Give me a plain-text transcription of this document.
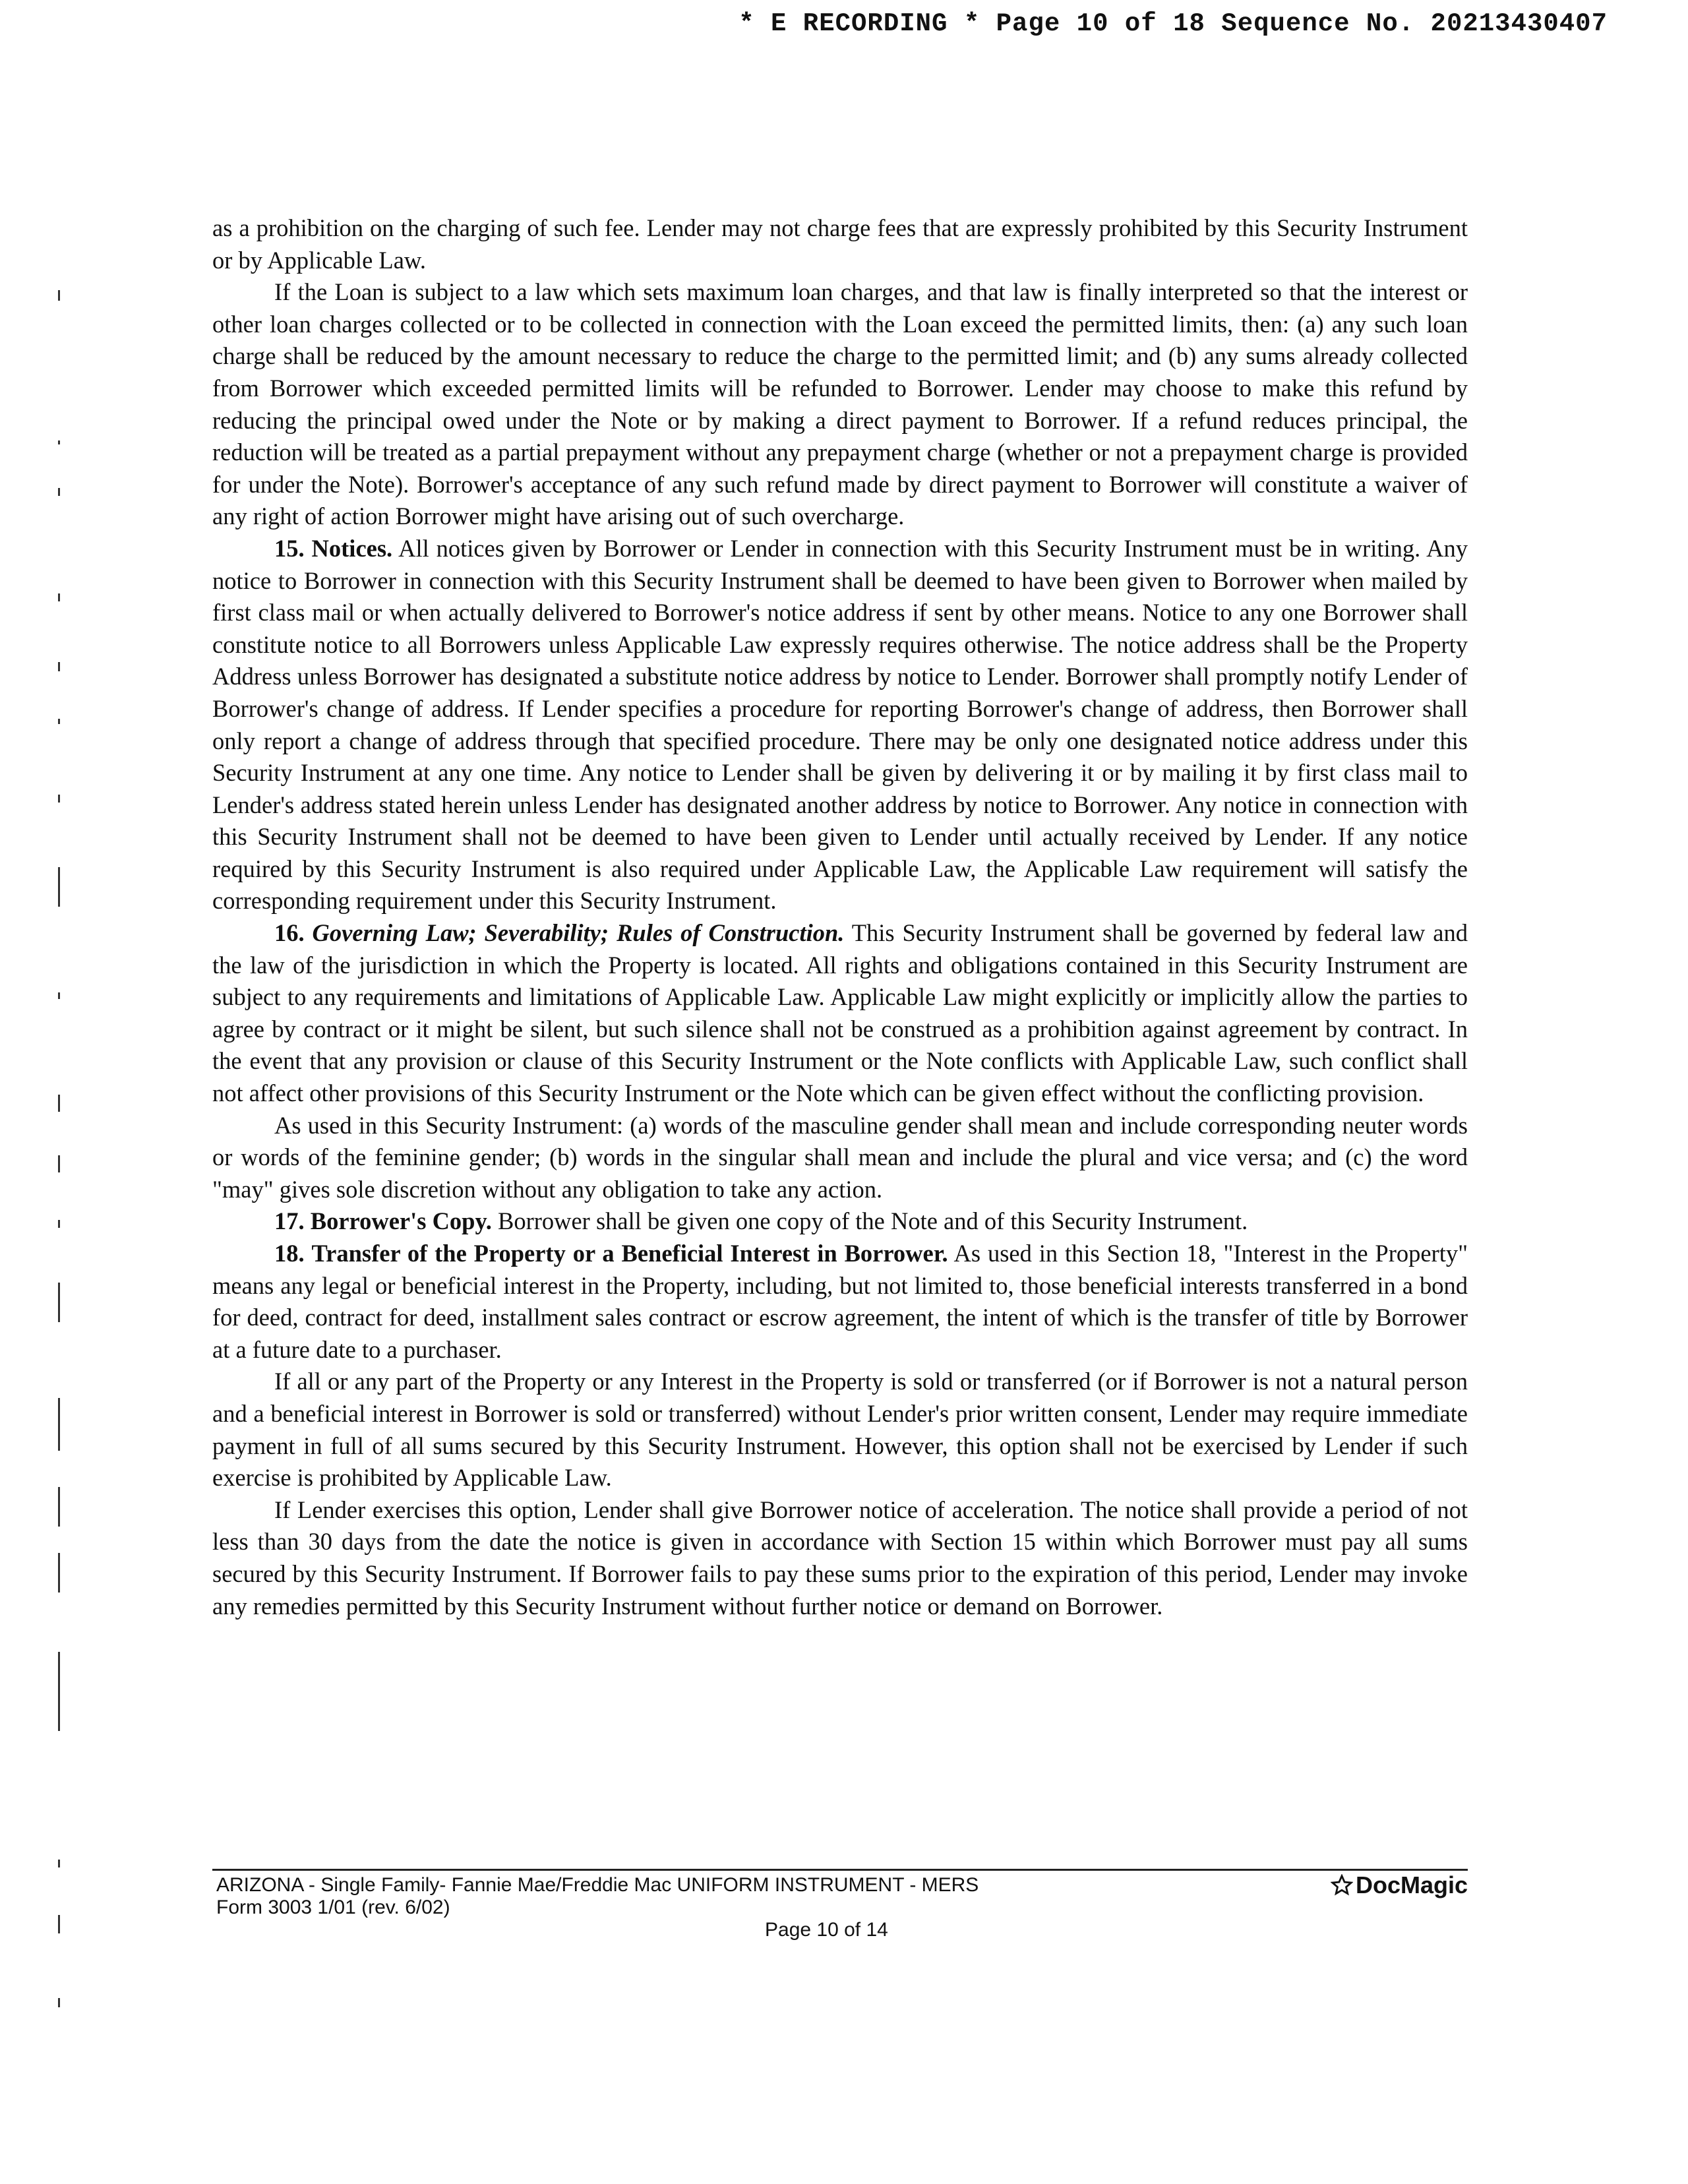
* E RECORDING * Page 10 of 18 Sequence No. 20213430407

as a prohibition on the charging of such fee. Lender may not charge fees that are expressly prohibited by this Security Instrument or by Applicable Law.

If the Loan is subject to a law which sets maximum loan charges, and that law is finally interpreted so that the interest or other loan charges collected or to be collected in connection with the Loan exceed the permitted limits, then: (a) any such loan charge shall be reduced by the amount necessary to reduce the charge to the permitted limit; and (b) any sums already collected from Borrower which exceeded permitted limits will be refunded to Borrower. Lender may choose to make this refund by reducing the principal owed under the Note or by making a direct payment to Borrower. If a refund reduces principal, the reduction will be treated as a partial prepayment without any prepayment charge (whether or not a prepayment charge is provided for under the Note). Borrower's acceptance of any such refund made by direct payment to Borrower will constitute a waiver of any right of action Borrower might have arising out of such overcharge.

15. Notices. All notices given by Borrower or Lender in connection with this Security Instrument must be in writing. Any notice to Borrower in connection with this Security Instrument shall be deemed to have been given to Borrower when mailed by first class mail or when actually delivered to Borrower's notice address if sent by other means. Notice to any one Borrower shall constitute notice to all Borrowers unless Applicable Law expressly requires otherwise. The notice address shall be the Property Address unless Borrower has designated a substitute notice address by notice to Lender. Borrower shall promptly notify Lender of Borrower's change of address. If Lender specifies a procedure for reporting Borrower's change of address, then Borrower shall only report a change of address through that specified procedure. There may be only one designated notice address under this Security Instrument at any one time. Any notice to Lender shall be given by delivering it or by mailing it by first class mail to Lender's address stated herein unless Lender has designated another address by notice to Borrower. Any notice in connection with this Security Instrument shall not be deemed to have been given to Lender until actually received by Lender. If any notice required by this Security Instrument is also required under Applicable Law, the Applicable Law requirement will satisfy the corresponding requirement under this Security Instrument.

16. Governing Law; Severability; Rules of Construction. This Security Instrument shall be governed by federal law and the law of the jurisdiction in which the Property is located. All rights and obligations contained in this Security Instrument are subject to any requirements and limitations of Applicable Law. Applicable Law might explicitly or implicitly allow the parties to agree by contract or it might be silent, but such silence shall not be construed as a prohibition against agreement by contract. In the event that any provision or clause of this Security Instrument or the Note conflicts with Applicable Law, such conflict shall not affect other provisions of this Security Instrument or the Note which can be given effect without the conflicting provision.

As used in this Security Instrument: (a) words of the masculine gender shall mean and include corresponding neuter words or words of the feminine gender; (b) words in the singular shall mean and include the plural and vice versa; and (c) the word "may" gives sole discretion without any obligation to take any action.

17. Borrower's Copy. Borrower shall be given one copy of the Note and of this Security Instrument.

18. Transfer of the Property or a Beneficial Interest in Borrower. As used in this Section 18, "Interest in the Property" means any legal or beneficial interest in the Property, including, but not limited to, those beneficial interests transferred in a bond for deed, contract for deed, installment sales contract or escrow agreement, the intent of which is the transfer of title by Borrower at a future date to a purchaser.

If all or any part of the Property or any Interest in the Property is sold or transferred (or if Borrower is not a natural person and a beneficial interest in Borrower is sold or transferred) without Lender's prior written consent, Lender may require immediate payment in full of all sums secured by this Security Instrument. However, this option shall not be exercised by Lender if such exercise is prohibited by Applicable Law.

If Lender exercises this option, Lender shall give Borrower notice of acceleration. The notice shall provide a period of not less than 30 days from the date the notice is given in accordance with Section 15 within which Borrower must pay all sums secured by this Security Instrument. If Borrower fails to pay these sums prior to the expiration of this period, Lender may invoke any remedies permitted by this Security Instrument without further notice or demand on Borrower.

ARIZONA - Single Family- Fannie Mae/Freddie Mac UNIFORM INSTRUMENT - MERS
Form 3003 1/01 (rev. 6/02)
Page 10 of 14
DocMagic
